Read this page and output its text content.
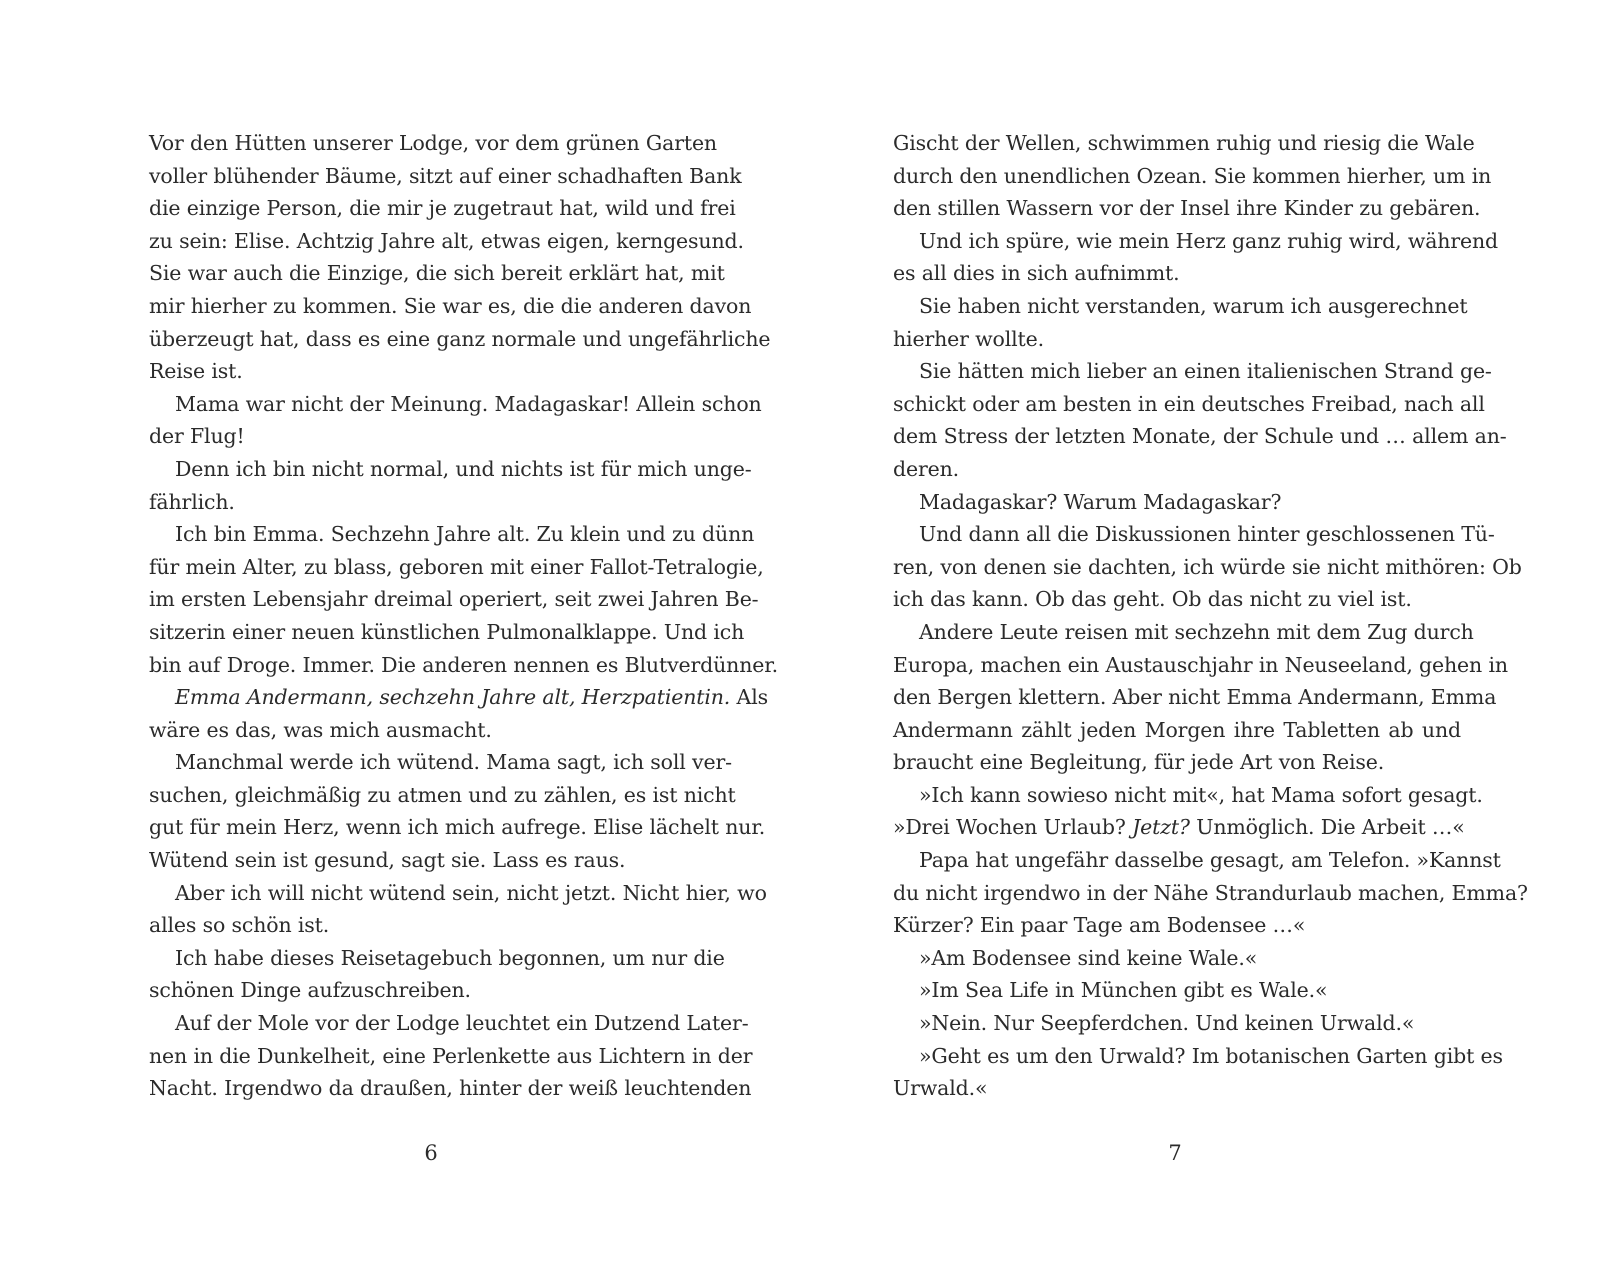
Vor den Hütten unserer Lodge, vor dem grünen Garten
voller blühender Bäume, sitzt auf einer schadhaften Bank
die einzige Person, die mir je zugetraut hat, wild und frei
zu sein: Elise. Achtzig Jahre alt, etwas eigen, kerngesund.
Sie war auch die Einzige, die sich bereit erklärt hat, mit
mir hierher zu kommen. Sie war es, die die anderen davon
überzeugt hat, dass es eine ganz normale und ungefährliche
Reise ist.
Mama war nicht der Meinung. Madagaskar! Allein schon
der Flug!
Denn ich bin nicht normal, und nichts ist für mich unge-
fährlich.
Ich bin Emma. Sechzehn Jahre alt. Zu klein und zu dünn
für mein Alter, zu blass, geboren mit einer Fallot-Tetralogie,
im ersten Lebensjahr dreimal operiert, seit zwei Jahren Be-
sitzerin einer neuen künstlichen Pulmonalklappe. Und ich
bin auf Droge. Immer. Die anderen nennen es Blutverdünner.
Emma Andermann, sechzehn Jahre alt, Herzpatientin. Als
wäre es das, was mich ausmacht.
Manchmal werde ich wütend. Mama sagt, ich soll ver-
suchen, gleichmäßig zu atmen und zu zählen, es ist nicht
gut für mein Herz, wenn ich mich aufrege. Elise lächelt nur.
Wütend sein ist gesund, sagt sie. Lass es raus.
Aber ich will nicht wütend sein, nicht jetzt. Nicht hier, wo
alles so schön ist.
Ich habe dieses Reisetagebuch begonnen, um nur die
schönen Dinge aufzuschreiben.
Auf der Mole vor der Lodge leuchtet ein Dutzend Later-
nen in die Dunkelheit, eine Perlenkette aus Lichtern in der
Nacht. Irgendwo da draußen, hinter der weiß leuchtenden
Gischt der Wellen, schwimmen ruhig und riesig die Wale
durch den unendlichen Ozean. Sie kommen hierher, um in
den stillen Wassern vor der Insel ihre Kinder zu gebären.
Und ich spüre, wie mein Herz ganz ruhig wird, während
es all dies in sich aufnimmt.
Sie haben nicht verstanden, warum ich ausgerechnet
hierher wollte.
Sie hätten mich lieber an einen italienischen Strand ge-
schickt oder am besten in ein deutsches Freibad, nach all
dem Stress der letzten Monate, der Schule und … allem an-
deren.
Madagaskar? Warum Madagaskar?
Und dann all die Diskussionen hinter geschlossenen Tü-
ren, von denen sie dachten, ich würde sie nicht mithören: Ob
ich das kann. Ob das geht. Ob das nicht zu viel ist.
Andere Leute reisen mit sechzehn mit dem Zug durch
Europa, machen ein Austauschjahr in Neuseeland, gehen in
den Bergen klettern. Aber nicht Emma Andermann, Emma
Andermann zählt jeden Morgen ihre Tabletten ab und
braucht eine Begleitung, für jede Art von Reise.
»Ich kann sowieso nicht mit«, hat Mama sofort gesagt.
»Drei Wochen Urlaub? Jetzt? Unmöglich. Die Arbeit …«
Papa hat ungefähr dasselbe gesagt, am Telefon. »Kannst
du nicht irgendwo in der Nähe Strandurlaub machen, Emma?
Kürzer? Ein paar Tage am Bodensee …«
»Am Bodensee sind keine Wale.«
»Im Sea Life in München gibt es Wale.«
»Nein. Nur Seepferdchen. Und keinen Urwald.«
»Geht es um den Urwald? Im botanischen Garten gibt es
Urwald.«
6	7
